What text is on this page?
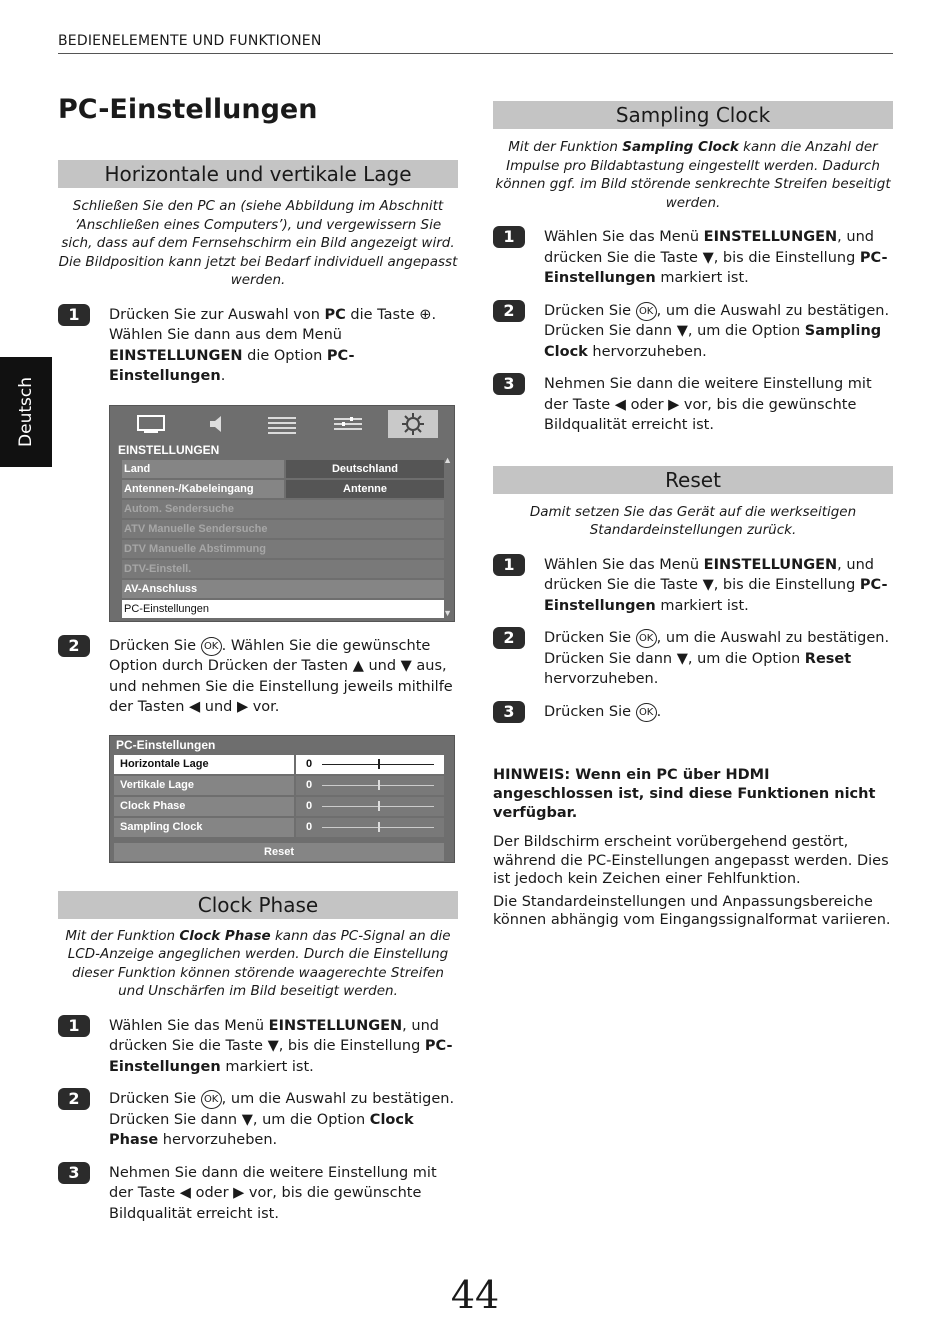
BEDIENELEMENTE UND FUNKTIONEN
Deutsch
PC-Einstellungen
Horizontale und vertikale Lage

Schließen Sie den PC an (siehe Abbildung im Abschnitt ‘Anschließen eines Computers’), und vergewissern Sie sich, dass auf dem Fernsehschirm ein Bild angezeigt wird. Die Bildposition kann jetzt bei Bedarf individuell angepasst werden.

1	Drücken Sie zur Auswahl von PC die Taste ⊕. Wählen Sie dann aus dem Menü EINSTELLUNGEN die Option PC-Einstellungen.
EINSTELLUNGEN
Land	Deutschland
Antennen-/Kabeleingang	Antenne
Autom. Sendersuche
ATV Manuelle Sendersuche
DTV Manuelle Abstimmung
DTV-Einstell.
AV-Anschluss
PC-Einstellungen
▲
▼
2	Drücken Sie OK . Wählen Sie die gewünschte Option durch Drücken der Tasten ▲ und ▼ aus, und nehmen Sie die Einstellung jeweils mithilfe der Tasten ◀ und ▶ vor.
PC-Einstellungen
Horizontale Lage	0
Vertikale Lage	0
Clock Phase	0
Sampling Clock	0
Reset
Clock Phase

Mit der Funktion Clock Phase kann das PC-Signal an die LCD-Anzeige angeglichen werden. Durch die Einstellung dieser Funktion können störende waagerechte Streifen und Unschärfen im Bild beseitigt werden.

1	Wählen Sie das Menü EINSTELLUNGEN, und drücken Sie die Taste ▼, bis die Einstellung PC-Einstellungen markiert ist.
2	Drücken Sie OK , um die Auswahl zu bestätigen. Drücken Sie dann ▼, um die Option Clock Phase hervorzuheben.
3	Nehmen Sie dann die weitere Einstellung mit der Taste ◀ oder ▶ vor, bis die gewünschte Bildqualität erreicht ist.
Sampling Clock

Mit der Funktion Sampling Clock kann die Anzahl der Impulse pro Bildabtastung eingestellt werden. Dadurch können ggf. im Bild störende senkrechte Streifen beseitigt werden.

1	Wählen Sie das Menü EINSTELLUNGEN, und drücken Sie die Taste ▼, bis die Einstellung PC-Einstellungen markiert ist.
2	Drücken Sie OK , um die Auswahl zu bestätigen. Drücken Sie dann ▼, um die Option Sampling Clock hervorzuheben.
3	Nehmen Sie dann die weitere Einstellung mit der Taste ◀ oder ▶ vor, bis die gewünschte Bildqualität erreicht ist.
Reset

Damit setzen Sie das Gerät auf die werkseitigen Standardeinstellungen zurück.

1	Wählen Sie das Menü EINSTELLUNGEN, und drücken Sie die Taste ▼, bis die Einstellung PC-Einstellungen markiert ist.
2	Drücken Sie OK , um die Auswahl zu bestätigen. Drücken Sie dann ▼, um die Option Reset hervorzuheben.
3	Drücken Sie OK .

HINWEIS: Wenn ein PC über HDMI angeschlossen ist, sind diese Funktionen nicht verfügbar.

Der Bildschirm erscheint vorübergehend gestört, während die PC-Einstellungen angepasst werden. Dies ist jedoch kein Zeichen einer Fehlfunktion.

Die Standardeinstellungen und Anpassungsbereiche können abhängig vom Eingangssignalformat variieren.

44
